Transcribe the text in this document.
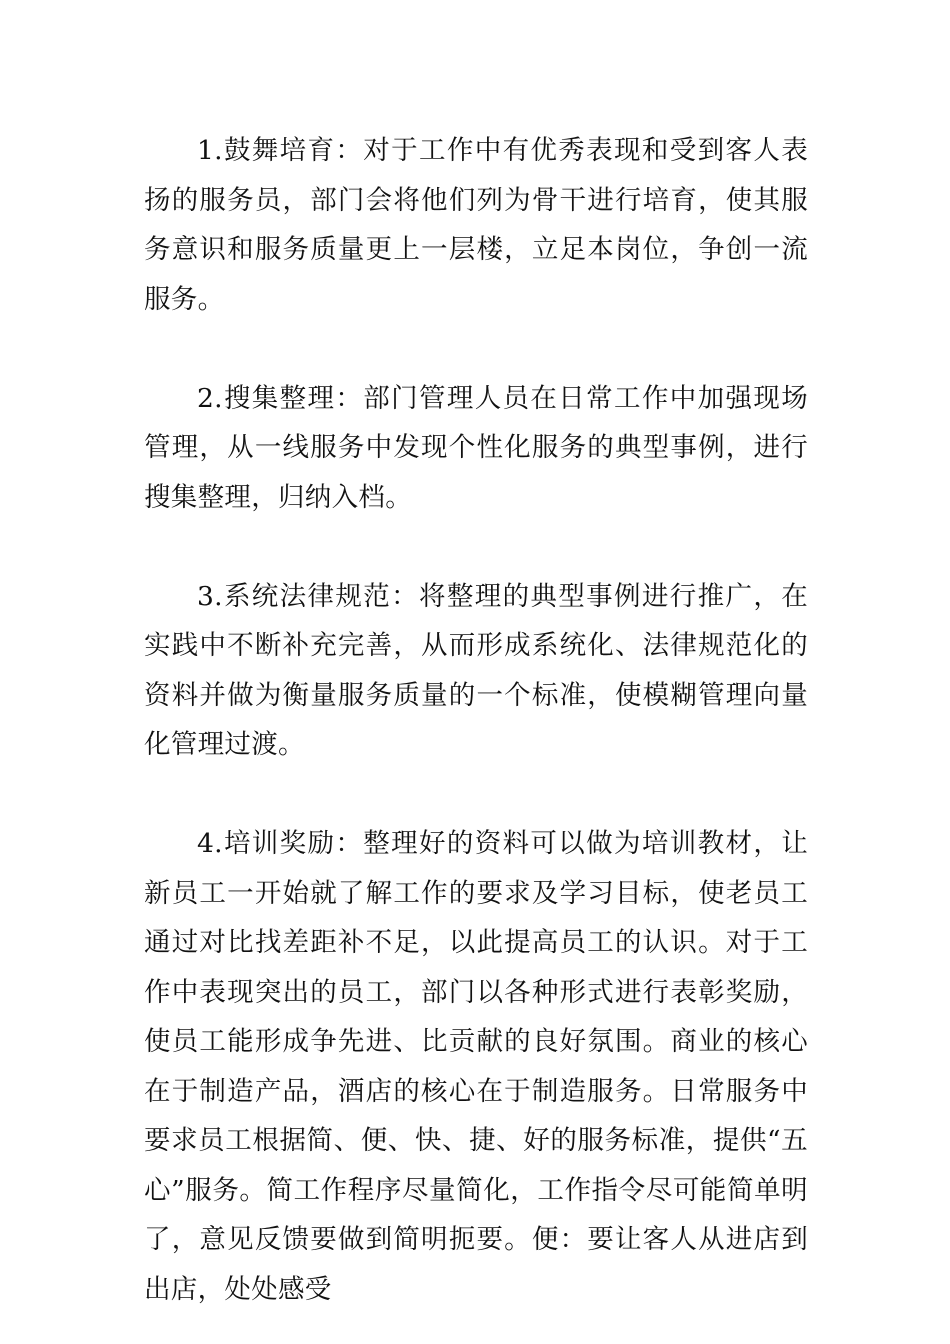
1.鼓舞培育：对于工作中有优秀表现和受到客人表扬的服务员，部门会将他们列为骨干进行培育，使其服务意识和服务质量更上一层楼，立足本岗位，争创一流服务。

2.搜集整理：部门管理人员在日常工作中加强现场管理，从一线服务中发现个性化服务的典型事例，进行搜集整理，归纳入档。

3.系统法律规范：将整理的典型事例进行推广，在实践中不断补充完善，从而形成系统化、法律规范化的资料并做为衡量服务质量的一个标准，使模糊管理向量化管理过渡。

4.培训奖励：整理好的资料可以做为培训教材，让新员工一开始就了解工作的要求及学习目标，使老员工通过对比找差距补不足，以此提高员工的认识。对于工作中表现突出的员工，部门以各种形式进行表彰奖励，使员工能形成争先进、比贡献的良好氛围。商业的核心在于制造产品，酒店的核心在于制造服务。日常服务中要求员工根据简、便、快、捷、好的服务标准，提供“五心”服务。简工作程序尽量简化，工作指令尽可能简单明了，意见反馈要做到简明扼要。便：要让客人从进店到出店，处处感受
